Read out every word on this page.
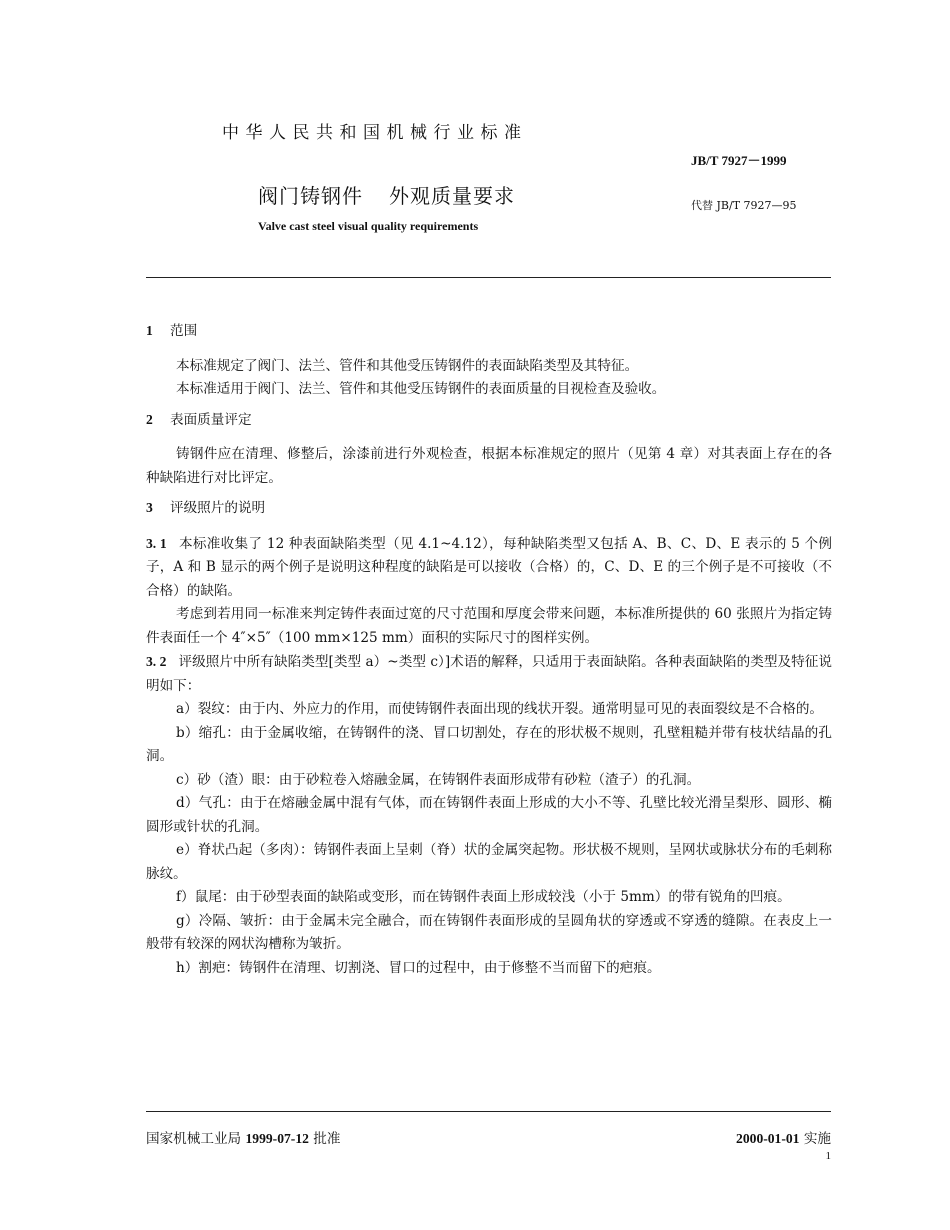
中华人民共和国机械行业标准
JB/T 7927－1999
阀门铸钢件 外观质量要求	代替 JB/T 7927—95
Valve cast steel visual quality requirements

1 范围

本标准规定了阀门、法兰、管件和其他受压铸钢件的表面缺陷类型及其特征。

本标准适用于阀门、法兰、管件和其他受压铸钢件的表面质量的目视检查及验收。

2 表面质量评定

铸钢件应在清理、修整后，涂漆前进行外观检查，根据本标准规定的照片（见第 4 章）对其表面上存在的各种缺陷进行对比评定。

3 评级照片的说明

3. 1 本标准收集了 12 种表面缺陷类型（见 4.1~4.12），每种缺陷类型又包括 A、B、C、D、E 表示的 5 个例子，A 和 B 显示的两个例子是说明这种程度的缺陷是可以接收（合格）的，C、D、E 的三个例子是不可接收（不合格）的缺陷。

考虑到若用同一标准来判定铸件表面过宽的尺寸范围和厚度会带来问题，本标准所提供的 60 张照片为指定铸件表面任一个 4″×5″（100 mm×125 mm）面积的实际尺寸的图样实例。

3. 2 评级照片中所有缺陷类型[类型 a）~类型 c）]术语的解释，只适用于表面缺陷。各种表面缺陷的类型及特征说明如下：

a）裂纹：由于内、外应力的作用，而使铸钢件表面出现的线状开裂。通常明显可见的表面裂纹是不合格的。

b）缩孔：由于金属收缩，在铸钢件的浇、冒口切割处，存在的形状极不规则，孔壁粗糙并带有枝状结晶的孔洞。

c）砂（渣）眼：由于砂粒卷入熔融金属，在铸钢件表面形成带有砂粒（渣子）的孔洞。

d）气孔：由于在熔融金属中混有气体，而在铸钢件表面上形成的大小不等、孔壁比较光滑呈梨形、圆形、椭圆形或针状的孔洞。

e）脊状凸起（多肉）：铸钢件表面上呈刺（脊）状的金属突起物。形状极不规则，呈网状或脉状分布的毛刺称脉纹。

f）鼠尾：由于砂型表面的缺陷或变形，而在铸钢件表面上形成较浅（小于 5mm）的带有锐角的凹痕。

g）冷隔、皱折：由于金属未完全融合，而在铸钢件表面形成的呈圆角状的穿透或不穿透的缝隙。在表皮上一般带有较深的网状沟槽称为皱折。

h）割疤：铸钢件在清理、切割浇、冒口的过程中，由于修整不当而留下的疤痕。

国家机械工业局 1999-07-12 批准	2000-01-01 实施
1
